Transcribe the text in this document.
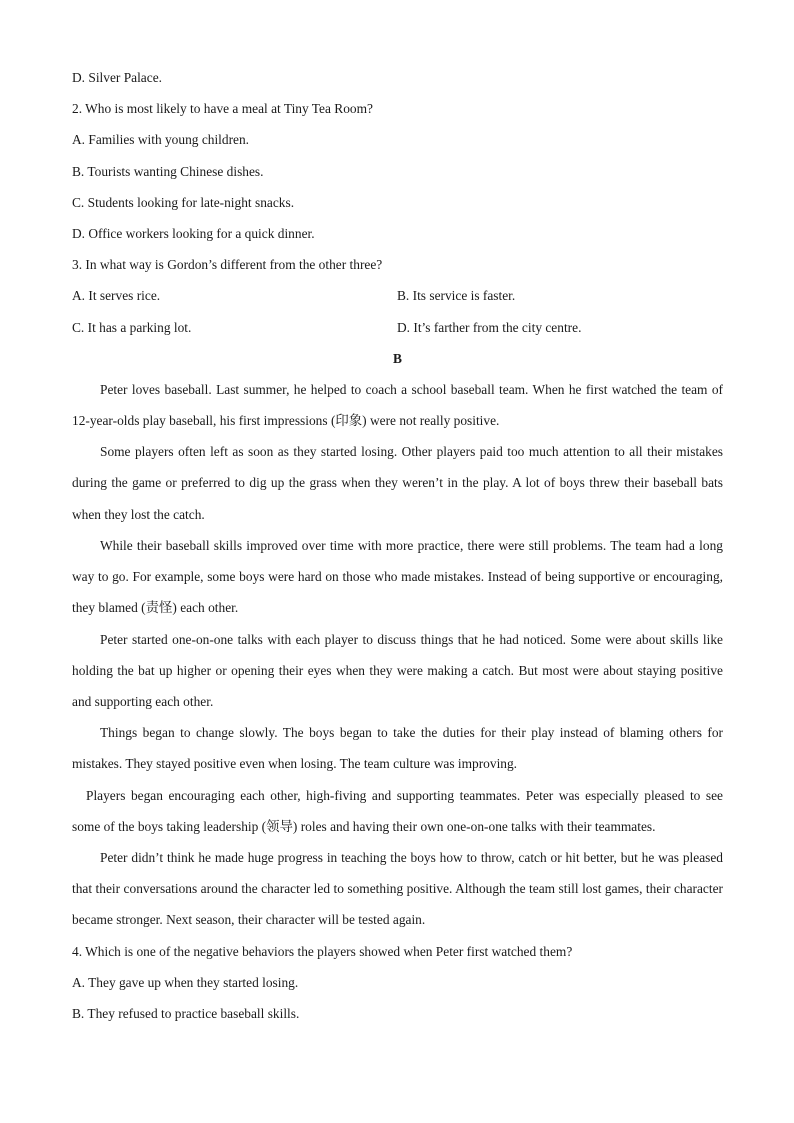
D. Silver Palace.
2. Who is most likely to have a meal at Tiny Tea Room?
A. Families with young children.
B. Tourists wanting Chinese dishes.
C. Students looking for late-night snacks.
D. Office workers looking for a quick dinner.
3. In what way is Gordon’s different from the other three?
A. It serves rice.	B. Its service is faster.
C. It has a parking lot.	D. It’s farther from the city centre.
B

Peter loves baseball. Last summer, he helped to coach a school baseball team. When he first watched the team of 12-year-olds play baseball, his first impressions (印象) were not really positive.

Some players often left as soon as they started losing. Other players paid too much attention to all their mistakes during the game or preferred to dig up the grass when they weren’t in the play. A lot of boys threw their baseball bats when they lost the catch.

While their baseball skills improved over time with more practice, there were still problems. The team had a long way to go. For example, some boys were hard on those who made mistakes. Instead of being supportive or encouraging, they blamed (责怪) each other.

Peter started one-on-one talks with each player to discuss things that he had noticed. Some were about skills like holding the bat up higher or opening their eyes when they were making a catch. But most were about staying positive and supporting each other.

Things began to change slowly. The boys began to take the duties for their play instead of blaming others for mistakes. They stayed positive even when losing. The team culture was improving.

Players began encouraging each other, high-fiving and supporting teammates. Peter was especially pleased to see some of the boys taking leadership (领导) roles and having their own one-on-one talks with their teammates.

Peter didn’t think he made huge progress in teaching the boys how to throw, catch or hit better, but he was pleased that their conversations around the character led to something positive. Although the team still lost games, their character became stronger. Next season, their character will be tested again.

4. Which is one of the negative behaviors the players showed when Peter first watched them?
A. They gave up when they started losing.
B. They refused to practice baseball skills.
